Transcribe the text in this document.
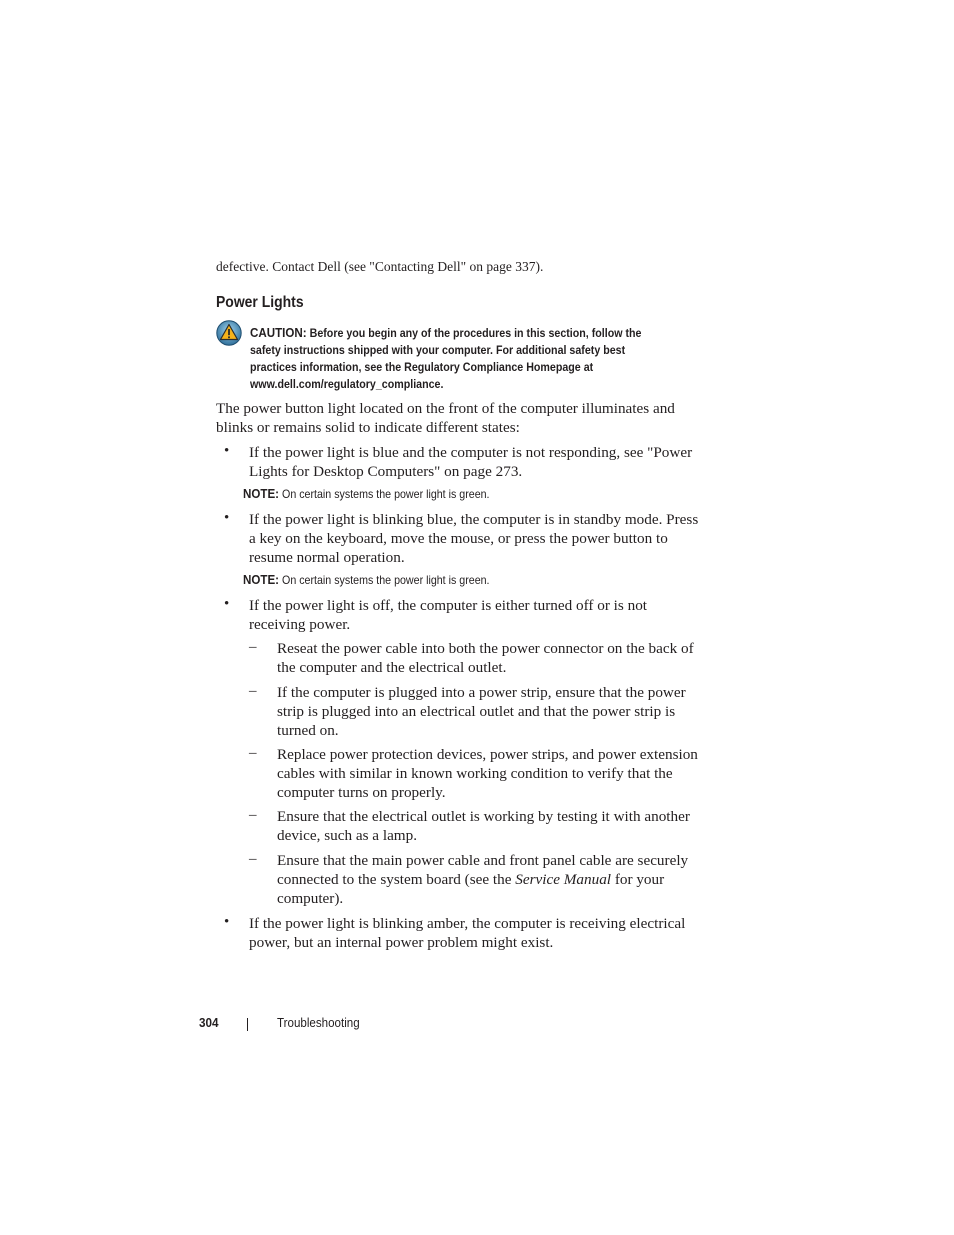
defective. Contact Dell (see "Contacting Dell" on page 337).
Power Lights
CAUTION: Before you begin any of the procedures in this section, follow the
safety instructions shipped with your computer. For additional safety best
practices information, see the Regulatory Compliance Homepage at
www.dell.com/regulatory_compliance.
The power button light located on the front of the computer illuminates and
blinks or remains solid to indicate different states:
• If the power light is blue and the computer is not responding, see "Power
Lights for Desktop Computers" on page 273.
NOTE: On certain systems the power light is green.
• If the power light is blinking blue, the computer is in standby mode. Press
a key on the keyboard, move the mouse, or press the power button to
resume normal operation.
NOTE: On certain systems the power light is green.
• If the power light is off, the computer is either turned off or is not
receiving power.
– Reseat the power cable into both the power connector on the back of
the computer and the electrical outlet.
– If the computer is plugged into a power strip, ensure that the power
strip is plugged into an electrical outlet and that the power strip is
turned on.
– Replace power protection devices, power strips, and power extension
cables with similar in known working condition to verify that the
computer turns on properly.
– Ensure that the electrical outlet is working by testing it with another
device, such as a lamp.
– Ensure that the main power cable and front panel cable are securely
connected to the system board (see the Service Manual for your
computer).
• If the power light is blinking amber, the computer is receiving electrical
power, but an internal power problem might exist.
304	Troubleshooting
